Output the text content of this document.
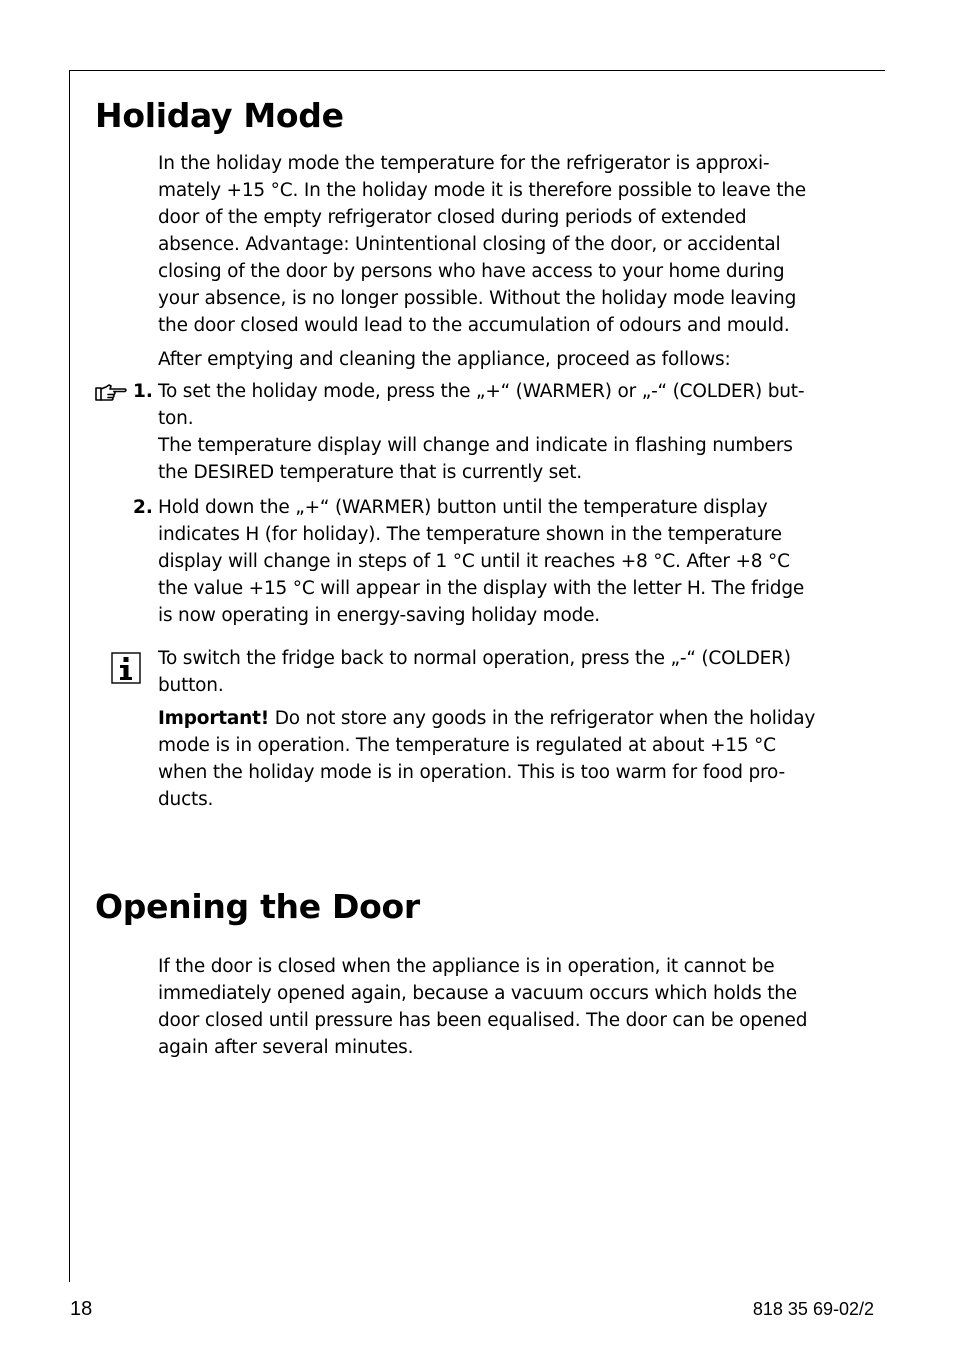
Holiday Mode
In the holiday mode the temperature for the refrigerator is approxi-
mately +15 °C. In the holiday mode it is therefore possible to leave the
door of the empty refrigerator closed during periods of extended
absence. Advantage: Unintentional closing of the door, or accidental
closing of the door by persons who have access to your home during
your absence, is no longer possible. Without the holiday mode leaving
the door closed would lead to the accumulation of odours and mould.
After emptying and cleaning the appliance, proceed as follows:
1. To set the holiday mode, press the „+“ (WARMER) or „-“ (COLDER) but-
ton.
The temperature display will change and indicate in flashing numbers
the DESIRED temperature that is currently set.
2. Hold down the „+“ (WARMER) button until the temperature display
indicates H (for holiday). The temperature shown in the temperature
display will change in steps of 1 °C until it reaches +8 °C. After +8 °C
the value +15 °C will appear in the display with the letter H. The fridge
is now operating in energy-saving holiday mode.
To switch the fridge back to normal operation, press the „-“ (COLDER)
button.
Important! Do not store any goods in the refrigerator when the holiday
mode is in operation. The temperature is regulated at about +15 °C
when the holiday mode is in operation. This is too warm for food pro-
ducts.
Opening the Door
If the door is closed when the appliance is in operation, it cannot be
immediately opened again, because a vacuum occurs which holds the
door closed until pressure has been equalised. The door can be opened
again after several minutes.
18	818 35 69-02/2
